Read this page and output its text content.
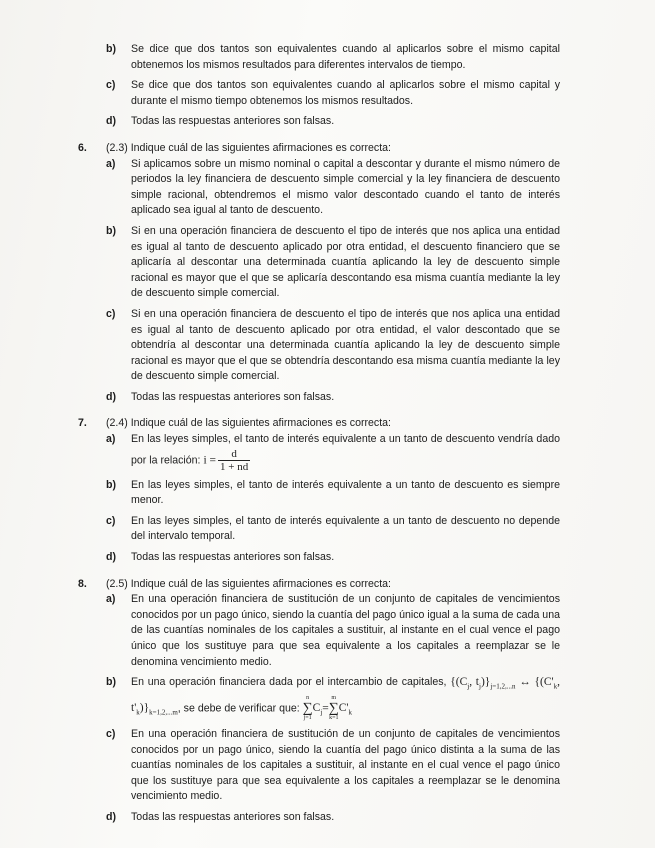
b) Se dice que dos tantos son equivalentes cuando al aplicarlos sobre el mismo capital obtenemos los mismos resultados para diferentes intervalos de tiempo.
c) Se dice que dos tantos son equivalentes cuando al aplicarlos sobre el mismo capital y durante el mismo tiempo obtenemos los mismos resultados.
d) Todas las respuestas anteriores son falsas.
6. (2.3) Indique cuál de las siguientes afirmaciones es correcta:
a) Si aplicamos sobre un mismo nominal o capital a descontar y durante el mismo número de periodos la ley financiera de descuento simple comercial y la ley financiera de descuento simple racional, obtendremos el mismo valor descontado cuando el tanto de interés aplicado sea igual al tanto de descuento.
b) Si en una operación financiera de descuento el tipo de interés que nos aplica una entidad es igual al tanto de descuento aplicado por otra entidad, el descuento financiero que se aplicaría al descontar una determinada cuantía aplicando la ley de descuento simple racional es mayor que el que se aplicaría descontando esa misma cuantía mediante la ley de descuento simple comercial.
c) Si en una operación financiera de descuento el tipo de interés que nos aplica una entidad es igual al tanto de descuento aplicado por otra entidad, el valor descontado que se obtendría al descontar una determinada cuantía aplicando la ley de descuento simple racional es mayor que el que se obtendría descontando esa misma cuantía mediante la ley de descuento simple comercial.
d) Todas las respuestas anteriores son falsas.
7. (2.4) Indique cuál de las siguientes afirmaciones es correcta:
a) En las leyes simples, el tanto de interés equivalente a un tanto de descuento vendría dado por la relación: $i = \frac{d}{1 + nd}$
b) En las leyes simples, el tanto de interés equivalente a un tanto de descuento es siempre menor.
c) En las leyes simples, el tanto de interés equivalente a un tanto de descuento no depende del intervalo temporal.
d) Todas las respuestas anteriores son falsas.
8. (2.5) Indique cuál de las siguientes afirmaciones es correcta:
a) En una operación financiera de sustitución de un conjunto de capitales de vencimientos conocidos por un pago único, siendo la cuantía del pago único igual a la suma de cada una de las cuantías nominales de los capitales a sustituir, al instante en el cual vence el pago único que los sustituye para que sea equivalente a los capitales a reemplazar se le denomina vencimiento medio.
b) En una operación financiera dada por el intercambio de capitales, {($C_j$, $t_j)\}_{j=1,2,...n}$ ↔ {($C'_k$, $t'_k)\}_{k=1,2,...m}$, se debe de verificar que:
n
∑
j=1
$C_j=$
m
∑
k=1
$C'_k$
c) En una operación financiera de sustitución de un conjunto de capitales de vencimientos conocidos por un pago único, siendo la cuantía del pago único distinta a la suma de las cuantías nominales de los capitales a sustituir, al instante en el cual vence el pago único que los sustituye para que sea equivalente a los capitales a reemplazar se le denomina vencimiento medio.
d) Todas las respuestas anteriores son falsas.
